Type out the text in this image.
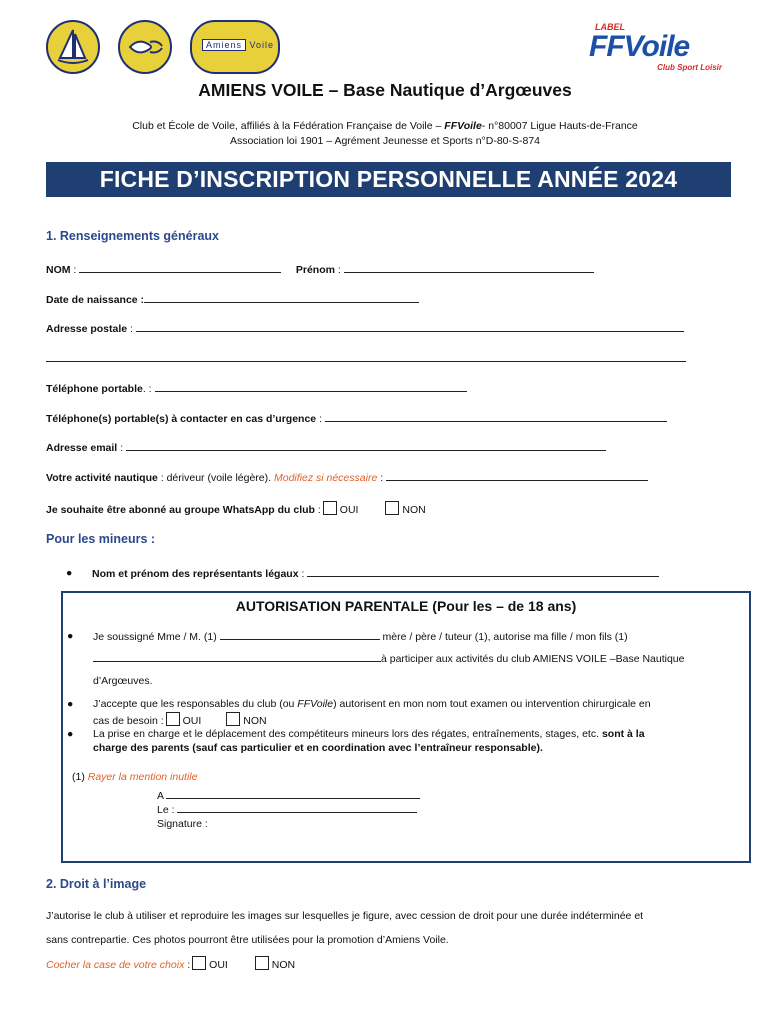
Amiens Voile
LABEL
FFVoile
Club Sport Loisir
AMIENS VOILE – Base Nautique d’Argœuves
Club et École de Voile, affiliés à la Fédération Française de Voile – FFVoile- n°80007 Ligue Hauts-de-France
Association loi 1901 – Agrément Jeunesse et Sports n°D-80-S-874
FICHE D’INSCRIPTION PERSONNELLE ANNÉE 2024
1. Renseignements généraux
NOM :	Prénom :
Date de naissance :
Adresse postale :
Téléphone portable. :
Téléphone(s) portable(s) à contacter en cas d’urgence :
Adresse email :
Votre activité nautique : dériveur (voile légère). Modifiez si nécessaire :
Je souhaite être abonné au groupe WhatsApp du club : OUI	NON
Pour les mineurs :
● Nom et prénom des représentants légaux :
AUTORISATION PARENTALE (Pour les – de 18 ans)
● Je soussigné Mme / M. (1)	mère / père / tuteur (1), autorise ma fille / mon fils (1)
à participer aux activités du club AMIENS VOILE –Base Nautique
d’Argœuves.
● J’accepte que les responsables du club (ou FFVoile) autorisent en mon nom tout examen ou intervention chirurgicale en
cas de besoin : OUI	NON
● La prise en charge et le déplacement des compétiteurs mineurs lors des régates, entraînements, stages, etc. sont à la
charge des parents (sauf cas particulier et en coordination avec l’entraîneur responsable).
(1) Rayer la mention inutile
A
Le :
Signature :
2. Droit à l’image
J’autorise le club à utiliser et reproduire les images sur lesquelles je figure, avec cession de droit pour une durée indéterminée et
sans contrepartie. Ces photos pourront être utilisées pour la promotion d’Amiens Voile.
Cocher la case de votre choix : OUI	NON
